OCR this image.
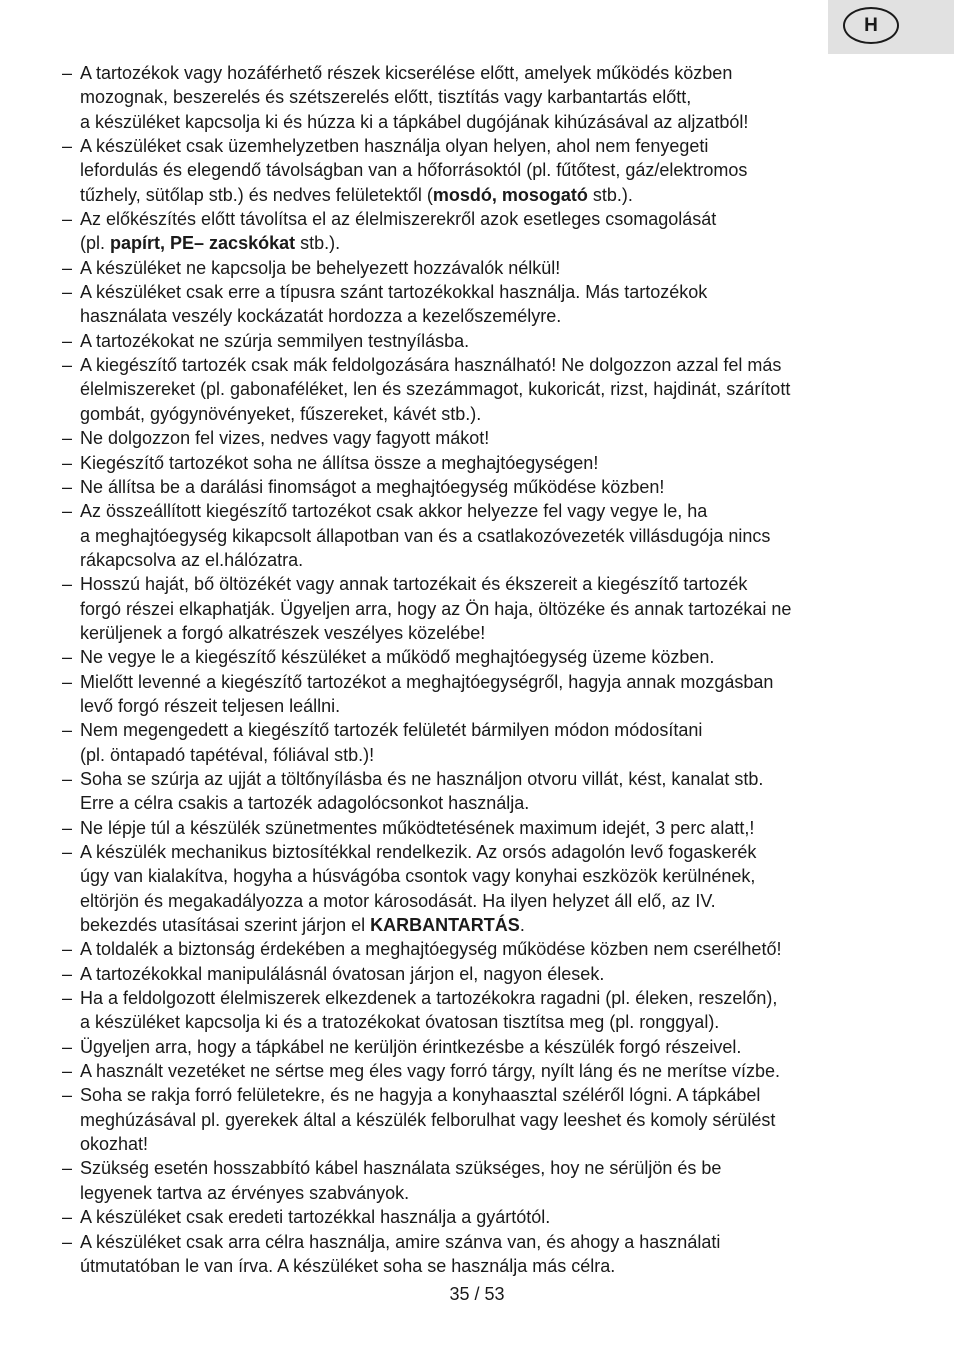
H
– A tartozékok vagy hozáférhető részek kicserélése előtt, amelyek működés közben
mozognak, beszerelés és szétszerelés előtt, tisztítás vagy karbantartás előtt,
a készüléket kapcsolja ki és húzza ki a tápkábel dugójának kihúzásával az aljzatból!
– A készüléket csak üzemhelyzetben használja olyan helyen, ahol nem fenyegeti
lefordulás és elegendő távolságban van a hőforrásoktól (pl. fűtőtest, gáz/elektromos
tűzhely, sütőlap stb.) és nedves felületektől (mosdó, mosogató stb.).
– Az előkészítés előtt távolítsa el az élelmiszerekről azok esetleges csomagolását
(pl. papírt, PE– zacskókat stb.).
– A készüléket ne kapcsolja be behelyezett hozzávalók nélkül!
– A készüléket csak erre a típusra szánt tartozékokkal használja. Más tartozékok
használata veszély kockázatát hordozza a kezelőszemélyre.
– A tartozékokat ne szúrja semmilyen testnyílásba.
– A kiegészítő tartozék csak mák feldolgozására használható! Ne dolgozzon azzal fel más
élelmiszereket (pl. gabonaféléket, len és szezámmagot, kukoricát, rizst, hajdinát, szárított
gombát, gyógynövényeket, fűszereket, kávét stb.).
– Ne dolgozzon fel vizes, nedves vagy fagyott mákot!
– Kiegészítő tartozékot soha ne állítsa össze a meghajtóegységen!
– Ne állítsa be a darálási finomságot a meghajtóegység működése közben!
– Az összeállított kiegészítő tartozékot csak akkor helyezze fel vagy vegye le, ha
a meghajtóegység kikapcsolt állapotban van és a csatlakozóvezeték villásdugója nincs
rákapcsolva az el.hálózatra.
– Hosszú haját, bő öltözékét vagy annak tartozékait és ékszereit a kiegészítő tartozék
forgó részei elkaphatják. Ügyeljen arra, hogy az Ön haja, öltözéke és annak tartozékai ne
kerüljenek a forgó alkatrészek veszélyes közelébe!
– Ne vegye le a kiegészítő készüléket a működő meghajtóegység üzeme közben.
– Mielőtt levenné a kiegészítő tartozékot a meghajtóegységről, hagyja annak mozgásban
levő forgó részeit teljesen leállni.
– Nem megengedett a kiegészítő tartozék felületét bármilyen módon módosítani
(pl. öntapadó tapétéval, fóliával stb.)!
– Soha se szúrja az ujját a töltőnyílásba és ne használjon otvoru villát, kést, kanalat stb.
Erre a célra csakis a tartozék adagolócsonkot használja.
– Ne lépje túl a készülék szünetmentes működtetésének maximum idejét, 3 perc alatt,!
– A készülék mechanikus biztosítékkal rendelkezik. Az orsós adagolón levő fogaskerék
úgy van kialakítva, hogyha a húsvágóba csontok vagy konyhai eszközök kerülnének,
eltörjön és megakadályozza a motor károsodását. Ha ilyen helyzet áll elő, az IV.
bekezdés utasításai szerint járjon el KARBANTARTÁS.
– A toldalék a biztonság érdekében a meghajtóegység működése közben nem cserélhető!
– A tartozékokkal manipulálásnál óvatosan járjon el, nagyon élesek.
– Ha a feldolgozott élelmiszerek elkezdenek a tartozékokra ragadni (pl. éleken, reszelőn),
a készüléket kapcsolja ki és a tratozékokat óvatosan tisztítsa meg (pl. ronggyal).
– Ügyeljen arra, hogy a tápkábel ne kerüljön érintkezésbe a készülék forgó részeivel.
– A használt vezetéket ne sértse meg éles vagy forró tárgy, nyílt láng és ne merítse vízbe.
– Soha se rakja forró felületekre, és ne hagyja a konyhaasztal széléről lógni. A tápkábel
meghúzásával pl. gyerekek által a készülék felborulhat vagy leeshet és komoly sérülést
okozhat!
– Szükség esetén hosszabbító kábel használata szükséges, hoy ne sérüljön és be
legyenek tartva az érvényes szabványok.
– A készüléket csak eredeti tartozékkal használja a gyártótól.
– A készüléket csak arra célra használja, amire szánva van, és ahogy a használati
útmutatóban le van írva. A készüléket soha se használja más célra.
35 / 53
